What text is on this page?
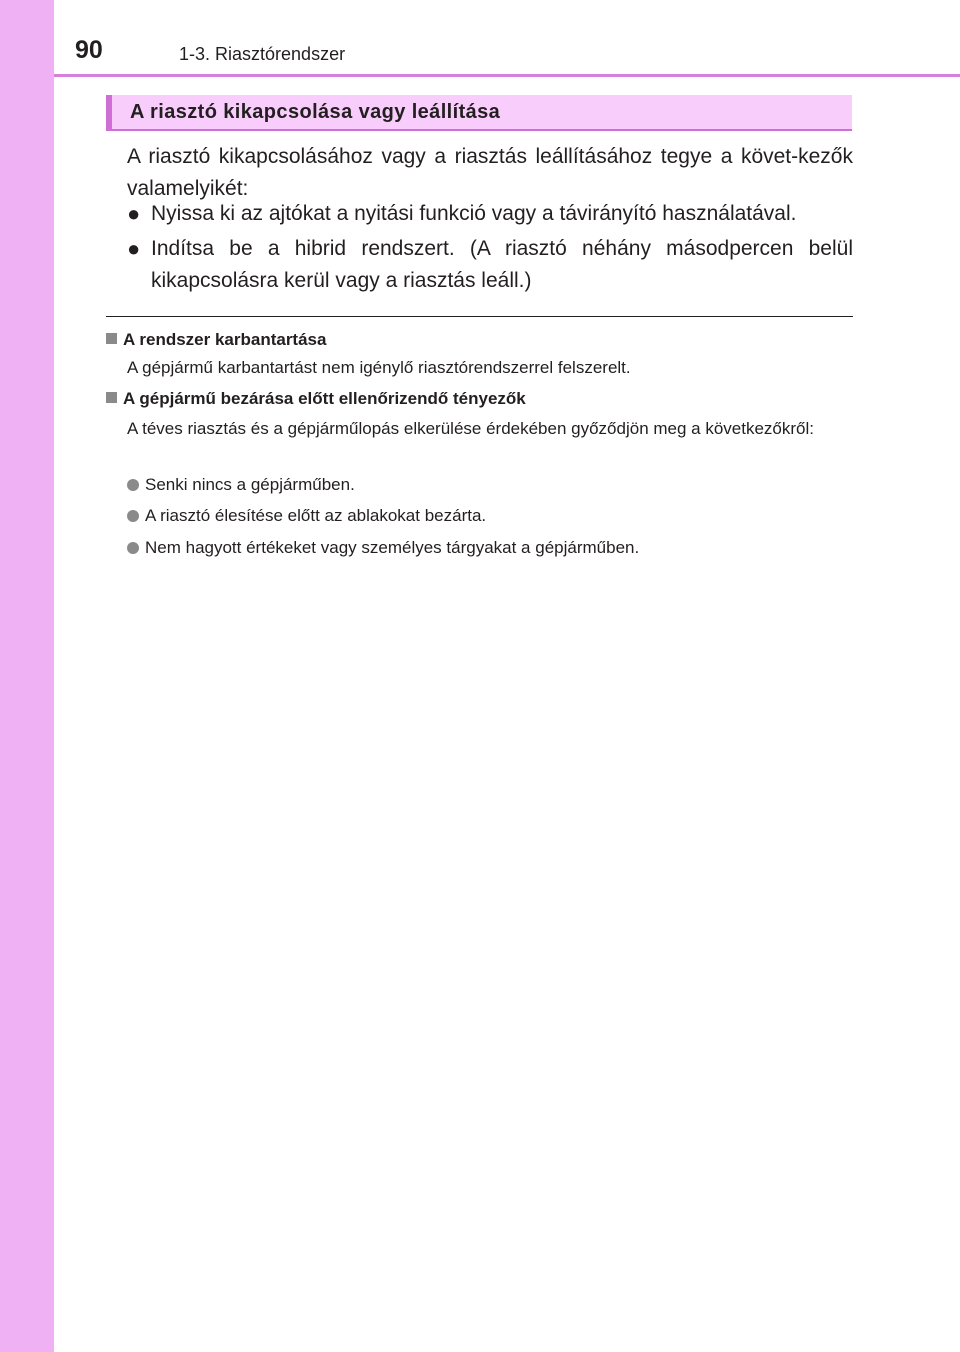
90	1-3. Riasztórendszer
A riasztó kikapcsolása vagy leállítása
A riasztó kikapcsolásához vagy a riasztás leállításához tegye a követ-kezők valamelyikét:
● Nyissa ki az ajtókat a nyitási funkció vagy a távirányító használatával.
● Indítsa be a hibrid rendszert. (A riasztó néhány másodpercen belül kikapcsolásra kerül vagy a riasztás leáll.)
A rendszer karbantartása
A gépjármű karbantartást nem igénylő riasztórendszerrel felszerelt.
A gépjármű bezárása előtt ellenőrizendő tényezők
A téves riasztás és a gépjárműlopás elkerülése érdekében győződjön meg a következőkről:
Senki nincs a gépjárműben.
A riasztó élesítése előtt az ablakokat bezárta.
Nem hagyott értékeket vagy személyes tárgyakat a gépjárműben.
